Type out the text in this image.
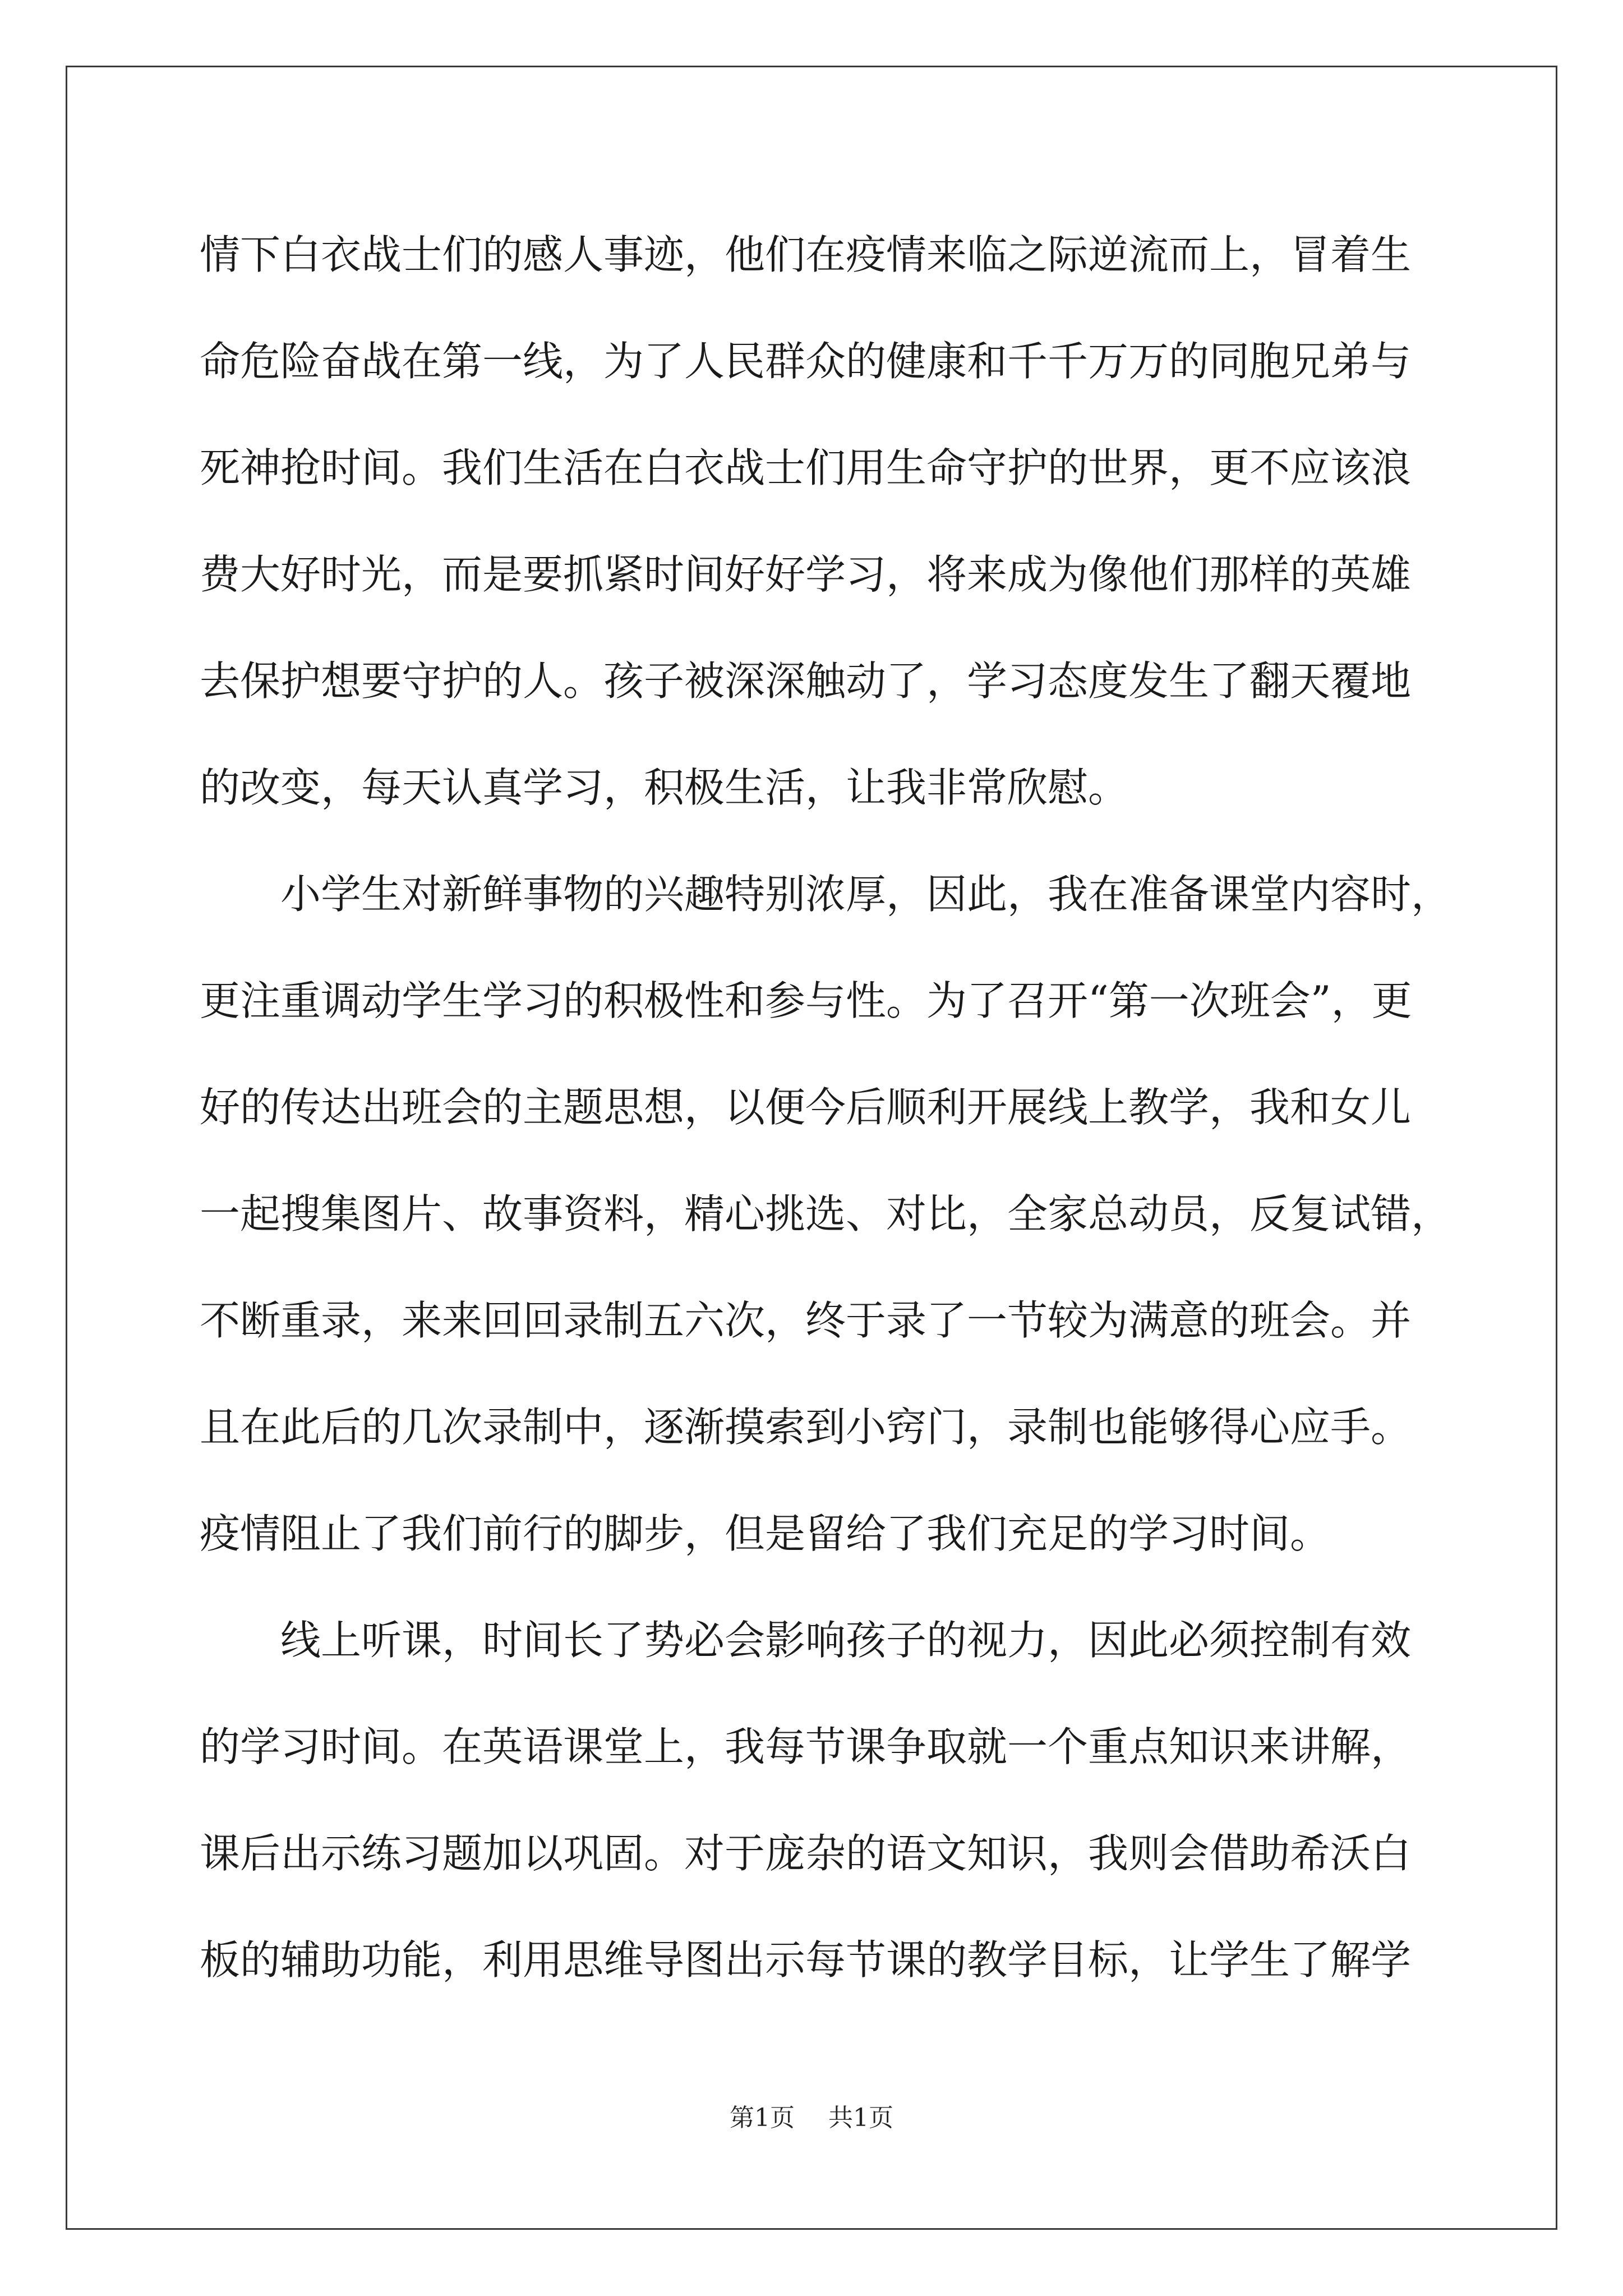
情下白衣战士们的感人事迹，他们在疫情来临之际逆流而上，冒着生
命危险奋战在第一线，为了人民群众的健康和千千万万的同胞兄弟与
死神抢时间。我们生活在白衣战士们用生命守护的世界，更不应该浪
费大好时光，而是要抓紧时间好好学习，将来成为像他们那样的英雄
去保护想要守护的人。孩子被深深触动了，学习态度发生了翻天覆地
的改变，每天认真学习，积极生活，让我非常欣慰。
　　小学生对新鲜事物的兴趣特别浓厚，因此，我在准备课堂内容时，
更注重调动学生学习的积极性和参与性。为了召开“第一次班会”，更
好的传达出班会的主题思想，以便今后顺利开展线上教学，我和女儿
一起搜集图片、故事资料，精心挑选、对比，全家总动员，反复试错，
不断重录，来来回回录制五六次，终于录了一节较为满意的班会。并
且在此后的几次录制中，逐渐摸索到小窍门，录制也能够得心应手。
疫情阻止了我们前行的脚步，但是留给了我们充足的学习时间。
　　线上听课，时间长了势必会影响孩子的视力，因此必须控制有效
的学习时间。在英语课堂上，我每节课争取就一个重点知识来讲解，
课后出示练习题加以巩固。对于庞杂的语文知识，我则会借助希沃白
板的辅助功能，利用思维导图出示每节课的教学目标，让学生了解学
第1页 共1页
